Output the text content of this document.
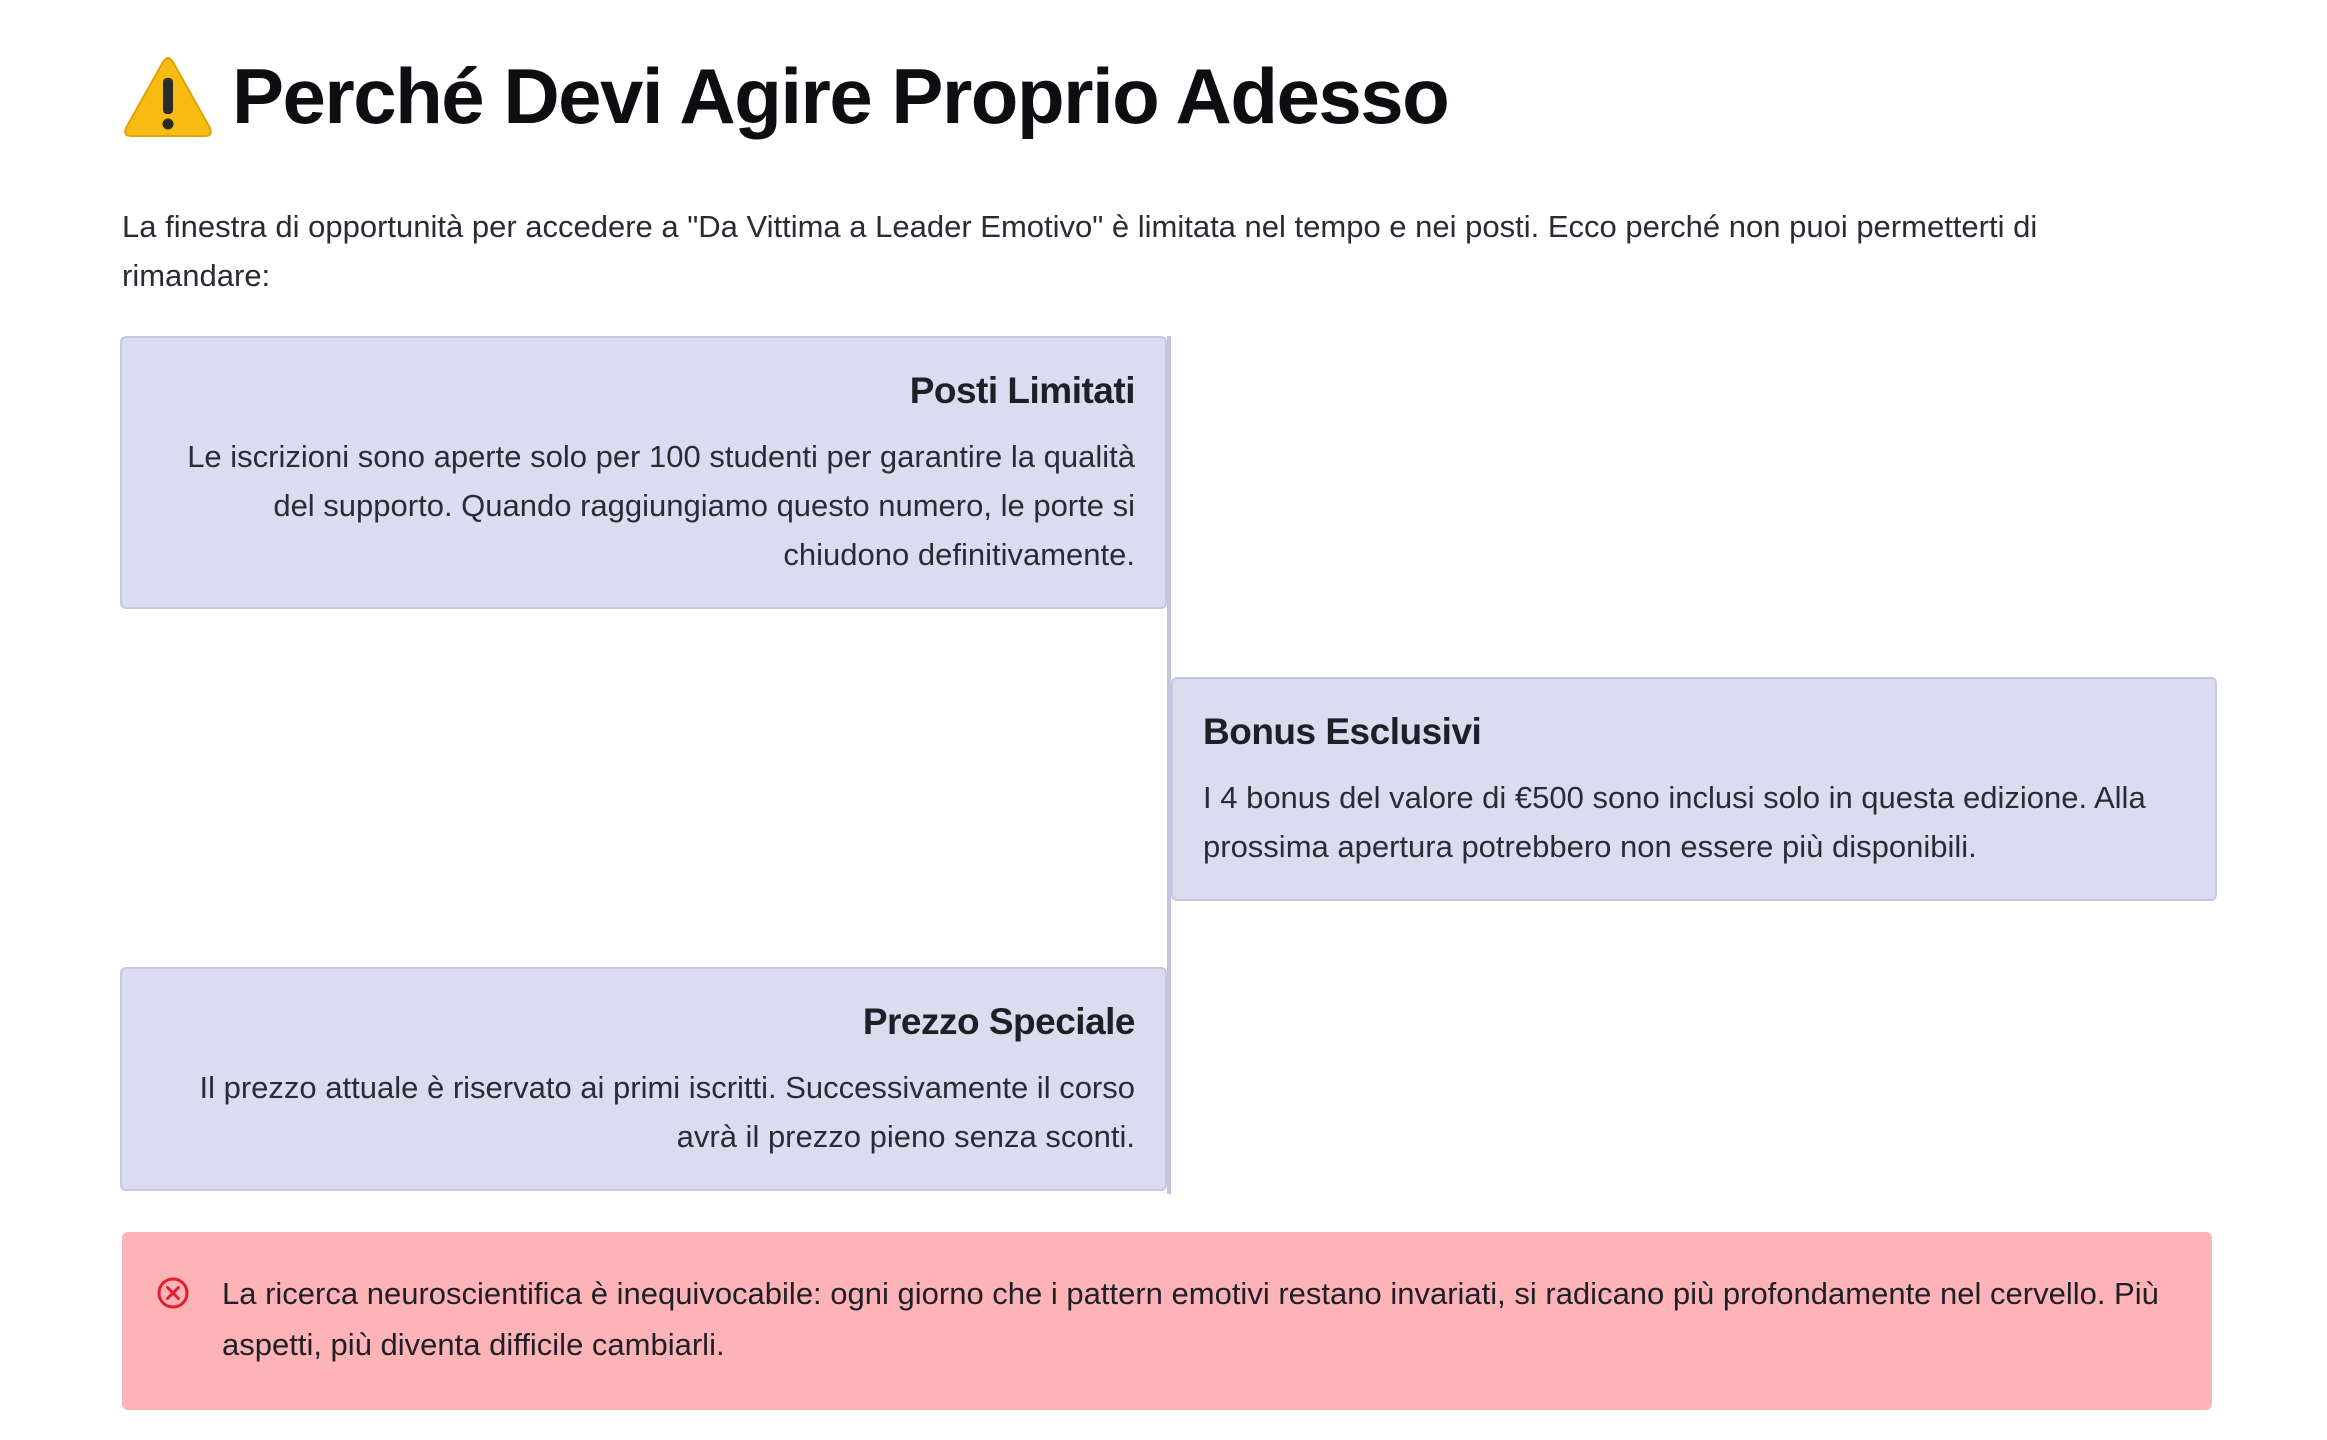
Perché Devi Agire Proprio Adesso

La finestra di opportunità per accedere a "Da Vittima a Leader Emotivo" è limitata nel tempo e nei posti. Ecco perché non puoi permetterti di rimandare:

Posti Limitati
Le iscrizioni sono aperte solo per 100 studenti per garantire la qualità del supporto. Quando raggiungiamo questo numero, le porte si chiudono definitivamente.
Bonus Esclusivi
I 4 bonus del valore di €500 sono inclusi solo in questa edizione. Alla prossima apertura potrebbero non essere più disponibili.
Prezzo Speciale
Il prezzo attuale è riservato ai primi iscritti. Successivamente il corso avrà il prezzo pieno senza sconti.
La ricerca neuroscientifica è inequivocabile: ogni giorno che i pattern emotivi restano invariati, si radicano più profondamente nel cervello. Più aspetti, più diventa difficile cambiarli.
